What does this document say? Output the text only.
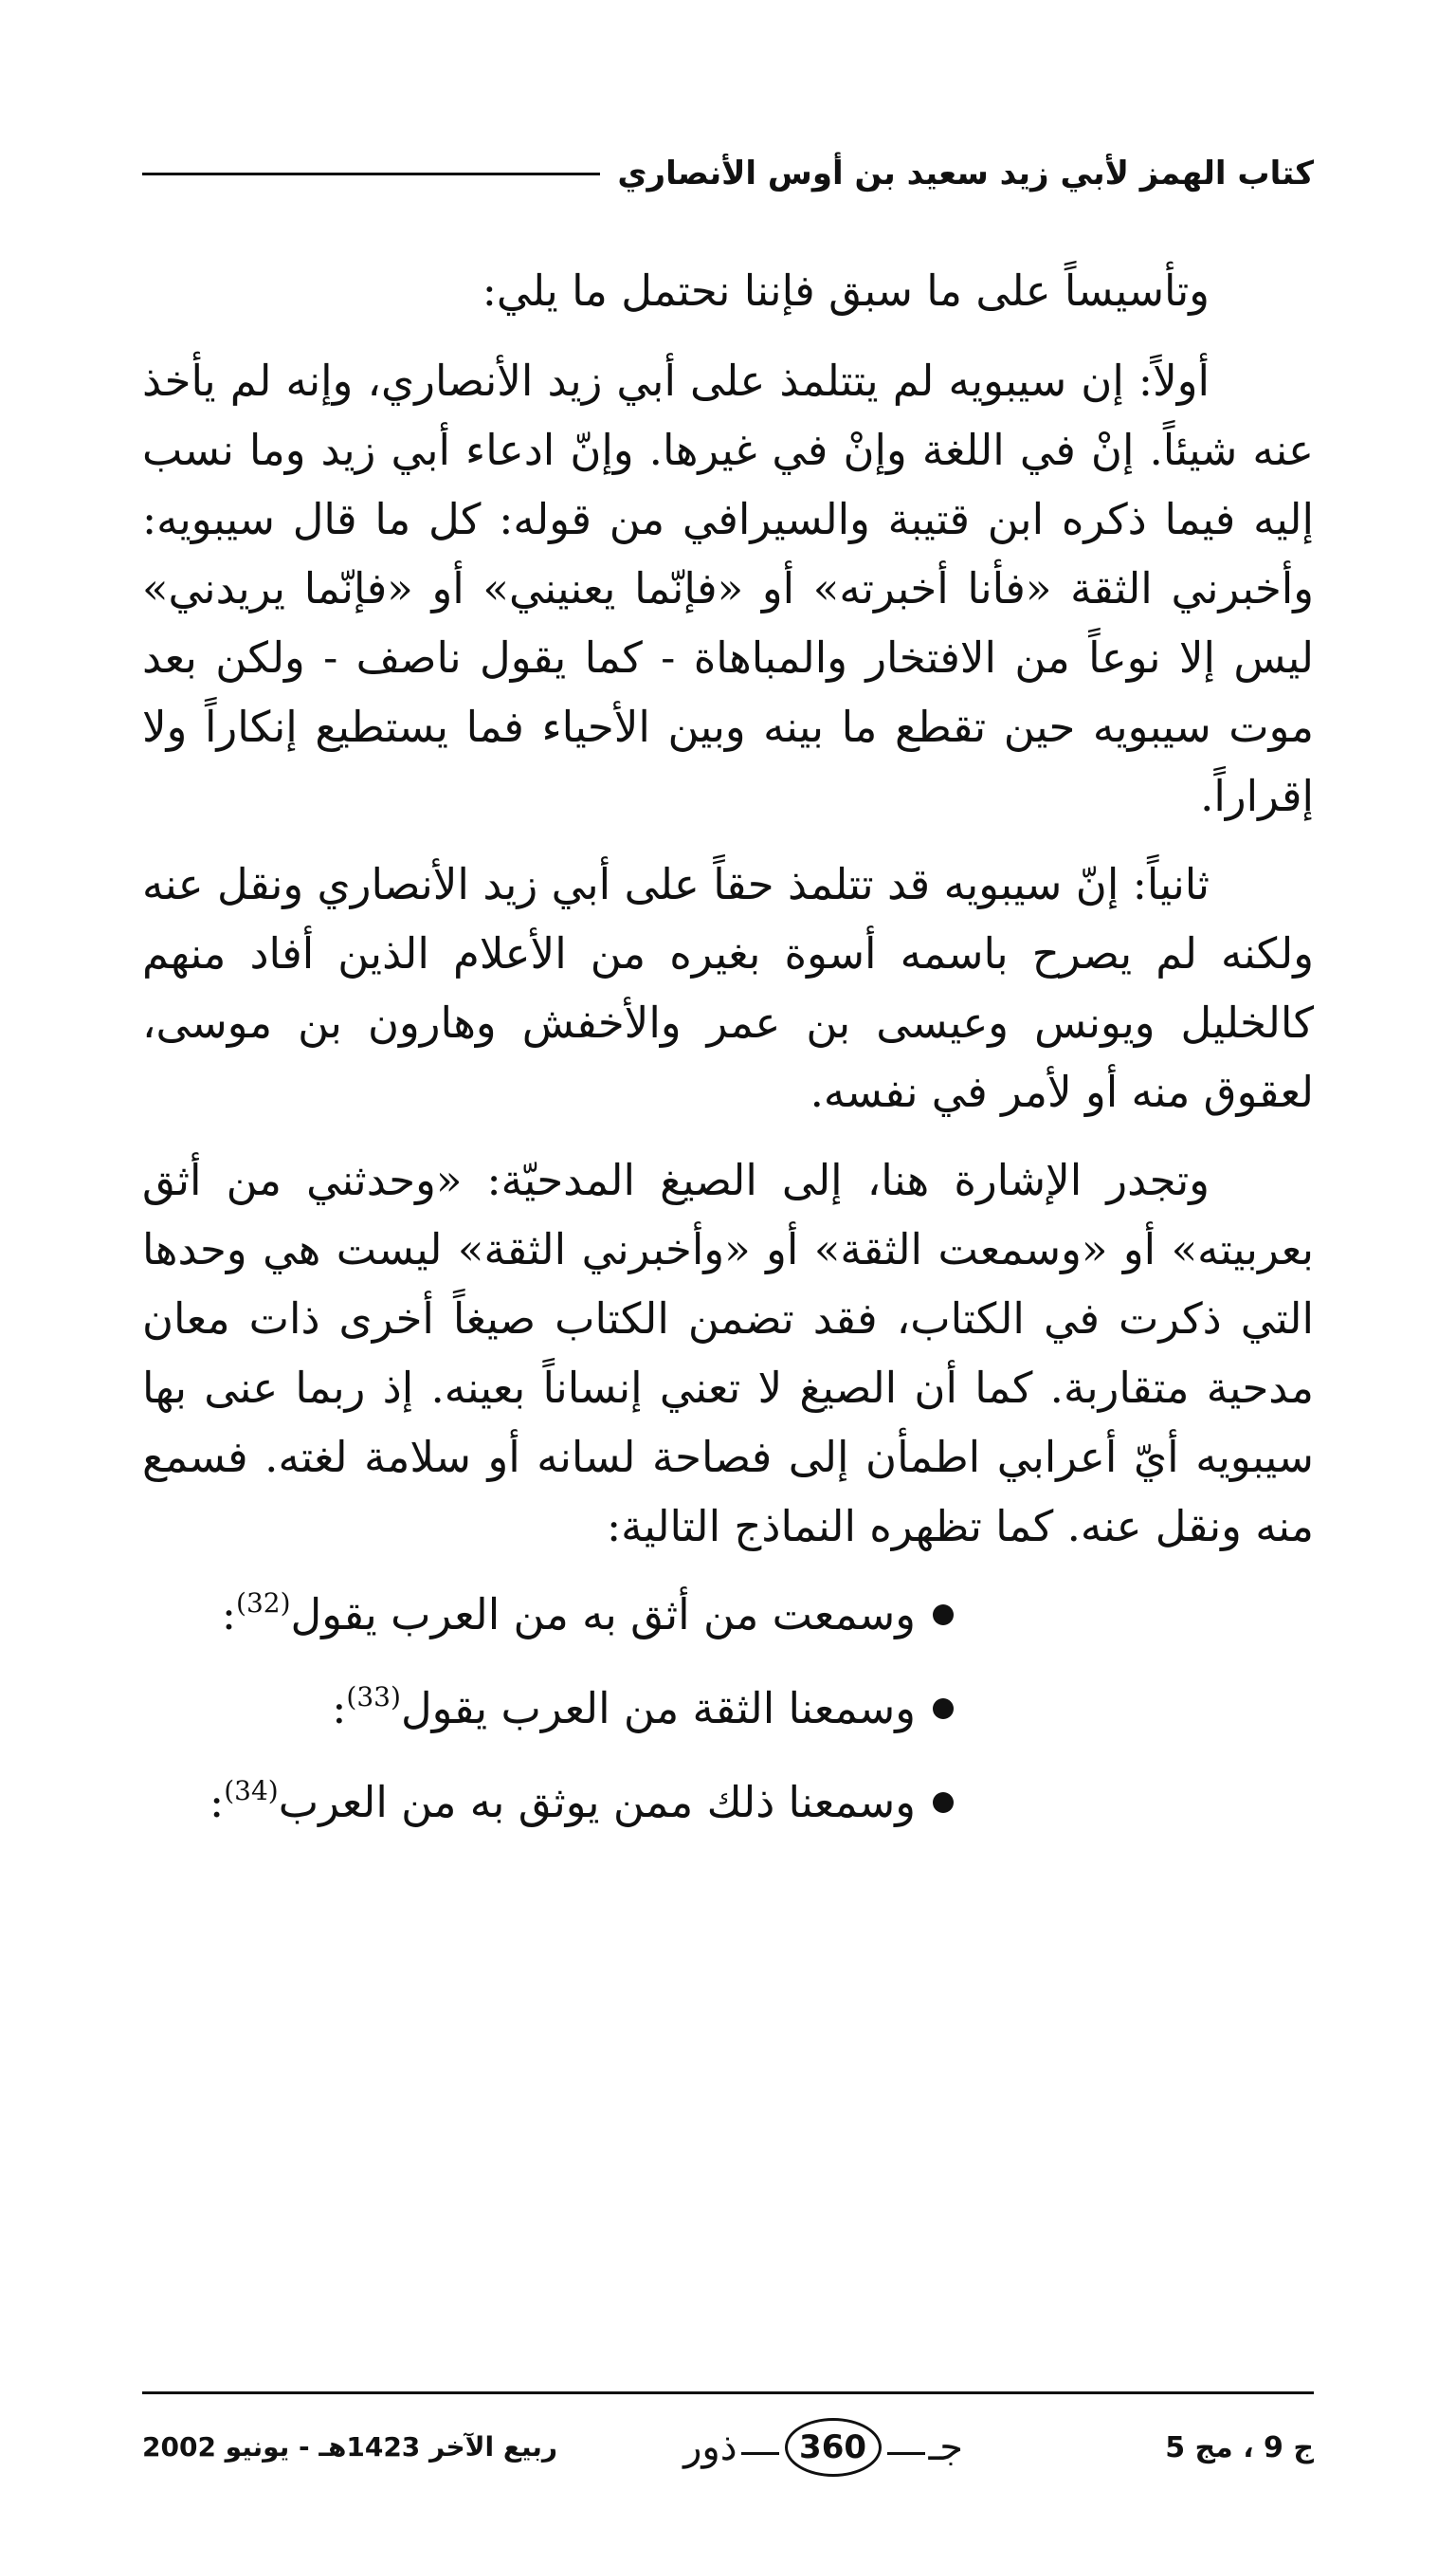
كتاب الهمز لأبي زيد سعيد بن أوس الأنصاري

وتأسيساً على ما سبق فإننا نحتمل ما يلي:

أولاً: إن سيبويه لم يتتلمذ على أبي زيد الأنصاري، وإنه لم يأخذ عنه شيئاً. إنْ في اللغة وإنْ في غيرها. وإنّ ادعاء أبي زيد وما نسب إليه فيما ذكره ابن قتيبة والسيرافي من قوله: كل ما قال سيبويه: وأخبرني الثقة «فأنا أخبرته» أو «فإنّما يعنيني» أو «فإنّما يريدني» ليس إلا نوعاً من الافتخار والمباهاة - كما يقول ناصف - ولكن بعد موت سيبويه حين تقطع ما بينه وبين الأحياء فما يستطيع إنكاراً ولا إقراراً.

ثانياً: إنّ سيبويه قد تتلمذ حقاً على أبي زيد الأنصاري ونقل عنه ولكنه لم يصرح باسمه أسوة بغيره من الأعلام الذين أفاد منهم كالخليل ويونس وعيسى بن عمر والأخفش وهارون بن موسى، لعقوق منه أو لأمر في نفسه.

وتجدر الإشارة هنا، إلى الصيغ المدحيّة: «وحدثني من أثق بعربيته» أو «وسمعت الثقة» أو «وأخبرني الثقة» ليست هي وحدها التي ذكرت في الكتاب، فقد تضمن الكتاب صيغاً أخرى ذات معان مدحية متقاربة. كما أن الصيغ لا تعني إنساناً بعينه. إذ ربما عنى بها سيبويه أيّ أعرابي اطمأن إلى فصاحة لسانه أو سلامة لغته. فسمع منه ونقل عنه. كما تظهره النماذج التالية:

وسمعت من أثق به من العرب يقول$^{(32)}$:
وسمعنا الثقة من العرب يقول$^{(33)}$:
وسمعنا ذلك ممن يوثق به من العرب$^{(34)}$:
ج 9 ، مج 5
جـ
360
ذور
ربيع الآخر 1423هـ - يونيو 2002
